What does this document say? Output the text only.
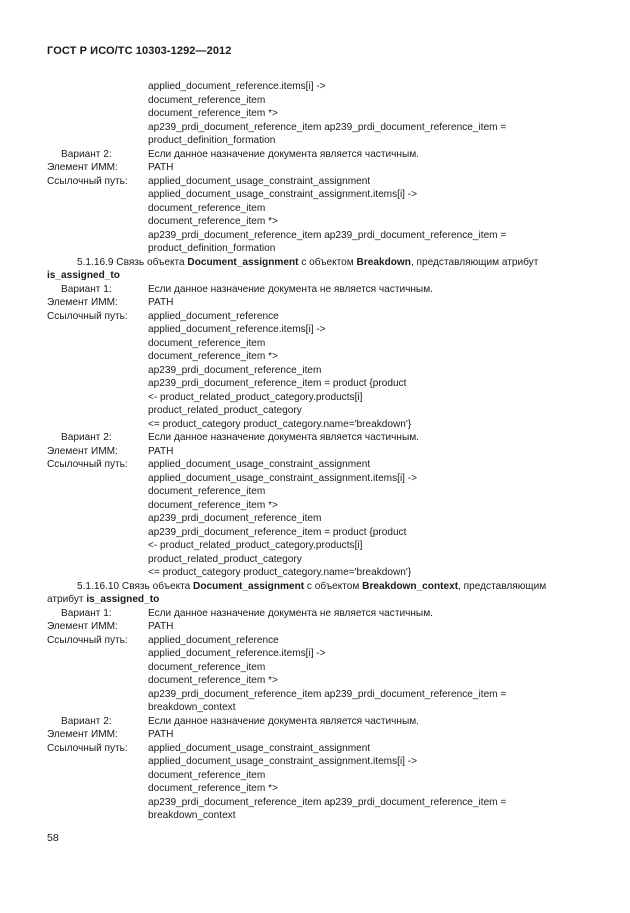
ГОСТ Р ИСО/ТС 10303-1292—2012
applied_document_reference.items[i] ->
document_reference_item
document_reference_item *>
ap239_prdi_document_reference_item ap239_prdi_document_reference_item =
product_definition_formation
Вариант 2:	Если данное назначение документа является частичным.
Элемент ИММ:	PATH
Ссылочный путь:	applied_document_usage_constraint_assignment
applied_document_usage_constraint_assignment.items[i] ->
document_reference_item
document_reference_item *>
ap239_prdi_document_reference_item ap239_prdi_document_reference_item =
product_definition_formation
5.1.16.9 Связь объекта Document_assignment с объектом Breakdown, представляющим атрибут
is_assigned_to
Вариант 1:	Если данное назначение документа не является частичным.
Элемент ИММ:	PATH
Ссылочный путь:	applied_document_reference
applied_document_reference.items[i] ->
document_reference_item
document_reference_item *>
ap239_prdi_document_reference_item
ap239_prdi_document_reference_item = product {product
<- product_related_product_category.products[i]
product_related_product_category
<= product_category product_category.name='breakdown'}
Вариант 2:	Если данное назначение документа является частичным.
Элемент ИММ:	PATH
Ссылочный путь:	applied_document_usage_constraint_assignment
applied_document_usage_constraint_assignment.items[i] ->
document_reference_item
document_reference_item *>
ap239_prdi_document_reference_item
ap239_prdi_document_reference_item = product {product
<- product_related_product_category.products[i]
product_related_product_category
<= product_category product_category.name='breakdown'}
5.1.16.10 Связь объекта Document_assignment с объектом Breakdown_context, представляющим
атрибут is_assigned_to
Вариант 1:	Если данное назначение документа не является частичным.
Элемент ИММ:	PATH
Ссылочный путь:	applied_document_reference
applied_document_reference.items[i] ->
document_reference_item
document_reference_item *>
ap239_prdi_document_reference_item ap239_prdi_document_reference_item =
breakdown_context
Вариант 2:	Если данное назначение документа является частичным.
Элемент ИММ:	PATH
Ссылочный путь:	applied_document_usage_constraint_assignment
applied_document_usage_constraint_assignment.items[i] ->
document_reference_item
document_reference_item *>
ap239_prdi_document_reference_item ap239_prdi_document_reference_item =
breakdown_context
58
